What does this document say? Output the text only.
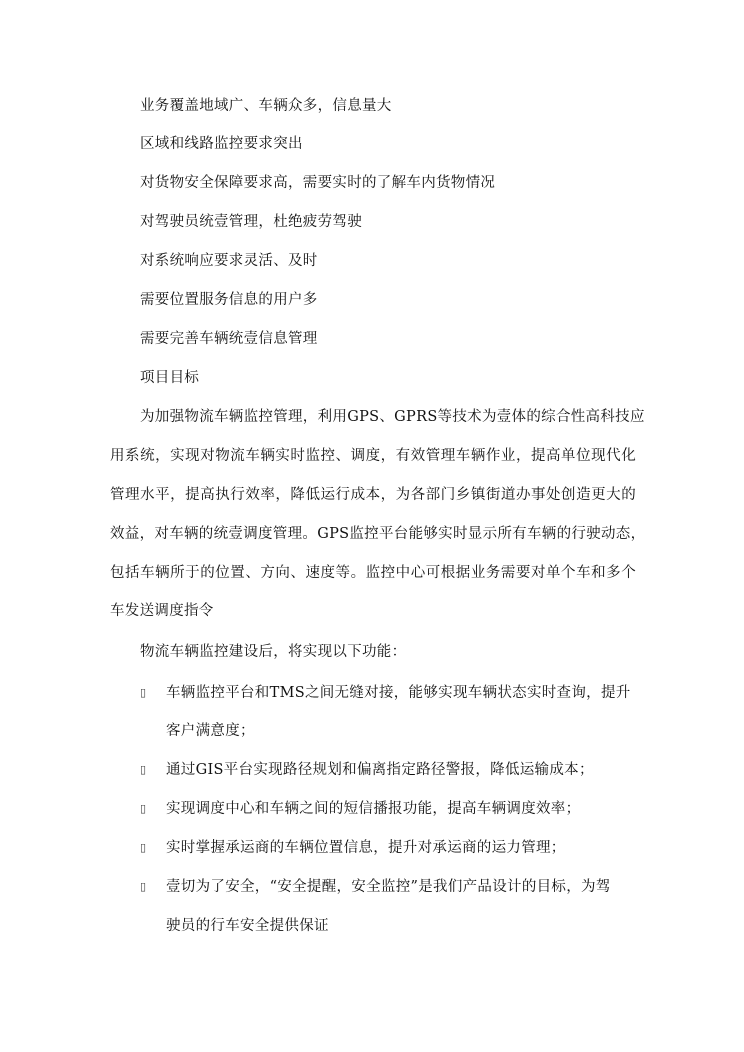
业务覆盖地域广、车辆众多，信息量大
区域和线路监控要求突出
对货物安全保障要求高，需要实时的了解车内货物情况
对驾驶员统壹管理，杜绝疲劳驾驶
对系统响应要求灵活、及时
需要位置服务信息的用户多
需要完善车辆统壹信息管理
项目目标
为加强物流车辆监控管理，利用GPS、GPRS等技术为壹体的综合性高科技应
用系统，实现对物流车辆实时监控、调度，有效管理车辆作业，提高单位现代化
管理水平，提高执行效率，降低运行成本，为各部门乡镇街道办事处创造更大的
效益，对车辆的统壹调度管理。GPS监控平台能够实时显示所有车辆的行驶动态，
包括车辆所于的位置、方向、速度等。监控中心可根据业务需要对单个车和多个
车发送调度指令
物流车辆监控建设后，将实现以下功能：
▯ 车辆监控平台和TMS之间无缝对接，能够实现车辆状态实时查询，提升
客户满意度；
▯ 通过GIS平台实现路径规划和偏离指定路径警报，降低运输成本；
▯ 实现调度中心和车辆之间的短信播报功能，提高车辆调度效率；
▯ 实时掌握承运商的车辆位置信息，提升对承运商的运力管理；
▯ 壹切为了安全，“安全提醒，安全监控”是我们产品设计的目标，为驾
驶员的行车安全提供保证
